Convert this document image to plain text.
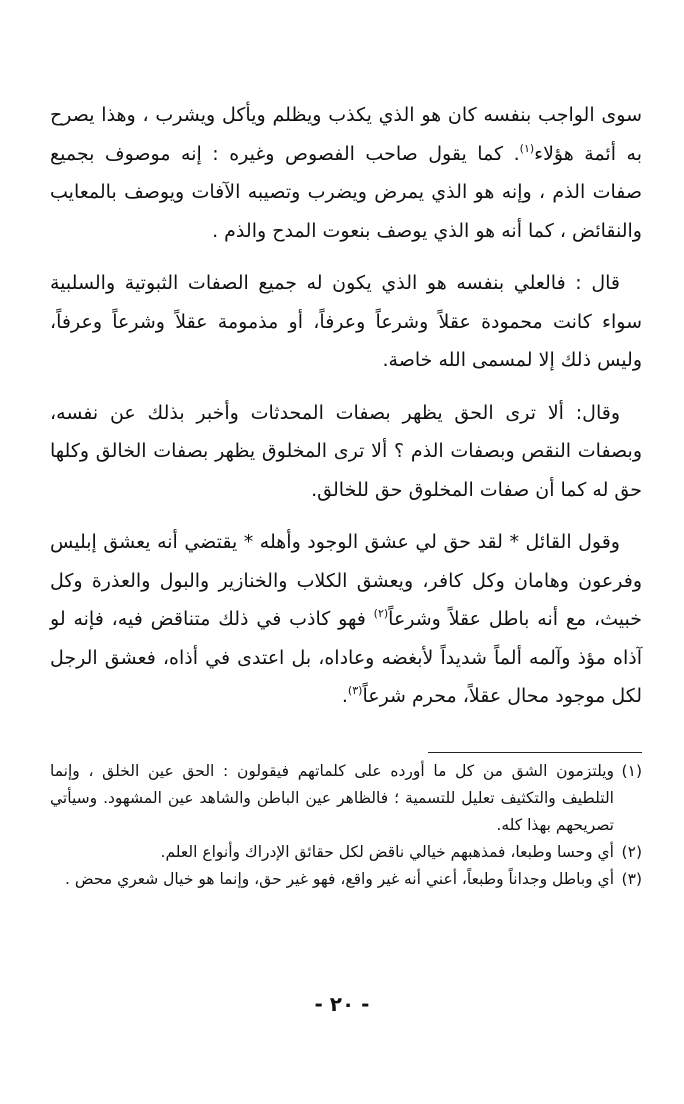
سوى الواجب بنفسه كان هو الذي يكذب ويظلم ويأكل ويشرب ، وهذا يصرح به أئمة هؤلاء$^{(١)}$. كما يقول صاحب الفصوص وغيره : إنه موصوف بجميع صفات الذم ، وإنه هو الذي يمرض ويضرب وتصيبه الآفات ويوصف بالمعايب والنقائض ، كما أنه هو الذي يوصف بنعوت المدح والذم .

قال : فالعلي بنفسه هو الذي يكون له جميع الصفات الثبوتية والسلبية سواء كانت محمودة عقلاً وشرعاً وعرفاً، أو مذمومة عقلاً وشرعاً وعرفاً، وليس ذلك إلا لمسمى الله خاصة.

وقال: ألا ترى الحق يظهر بصفات المحدثات وأخبر بذلك عن نفسه، وبصفات النقص وبصفات الذم ؟ ألا ترى المخلوق يظهر بصفات الخالق وكلها حق له كما أن صفات المخلوق حق للخالق.

وقول القائل * لقد حق لي عشق الوجود وأهله * يقتضي أنه يعشق إبليس وفرعون وهامان وكل كافر، ويعشق الكلاب والخنازير والبول والعذرة وكل خبيث، مع أنه باطل عقلاً وشرعاً$^{(٢)}$ فهو كاذب في ذلك متناقض فيه، فإنه لو آذاه مؤذ وآلمه ألماً شديداً لأبغضه وعاداه، بل اعتدى في أذاه، فعشق الرجل لكل موجود محال عقلاً، محرم شرعاً$^{(٣)}$.

(١)
ويلتزمون الشق من كل ما أورده على كلماتهم فيقولون : الحق عين الخلق ، وإنما التلطيف والتكثيف تعليل للتسمية ؛ فالظاهر عين الباطن والشاهد عين المشهود. وسيأتي تصريحهم بهذا كله.
(٢)
أي وحسا وطبعا، فمذهبهم خيالي ناقض لكل حقائق الإدراك وأنواع العلم.
(٣)
أي وباطل وجداناً وطبعاً، أعني أنه غير واقع، فهو غير حق، وإنما هو خيال شعري محض .
- ٢٠ -
